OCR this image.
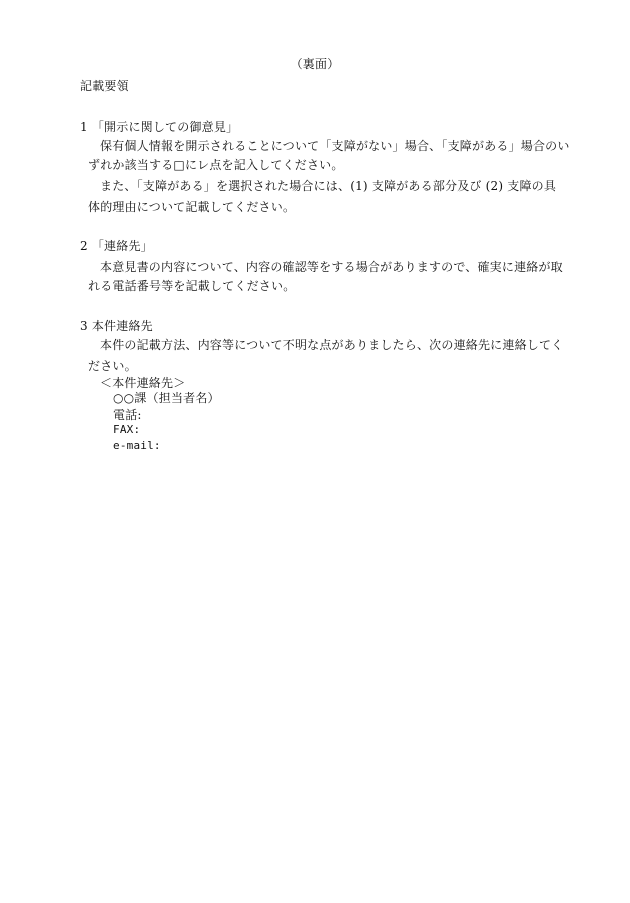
（裏面）
記載要領
1 「開示に関しての御意見」
保有個人情報を開示されることについて「支障がない」場合、「支障がある」場合のい
ずれか該当する□にレ点を記入してください。
また、「支障がある」を選択された場合には、(1) 支障がある部分及び (2) 支障の具
体的理由について記載してください。
2 「連絡先」
本意見書の内容について、内容の確認等をする場合がありますので、確実に連絡が取
れる電話番号等を記載してください。
3 本件連絡先
本件の記載方法、内容等について不明な点がありましたら、次の連絡先に連絡してく
ださい。
＜本件連絡先＞
○○課（担当者名）
電話:
FAX:
e-mail:
